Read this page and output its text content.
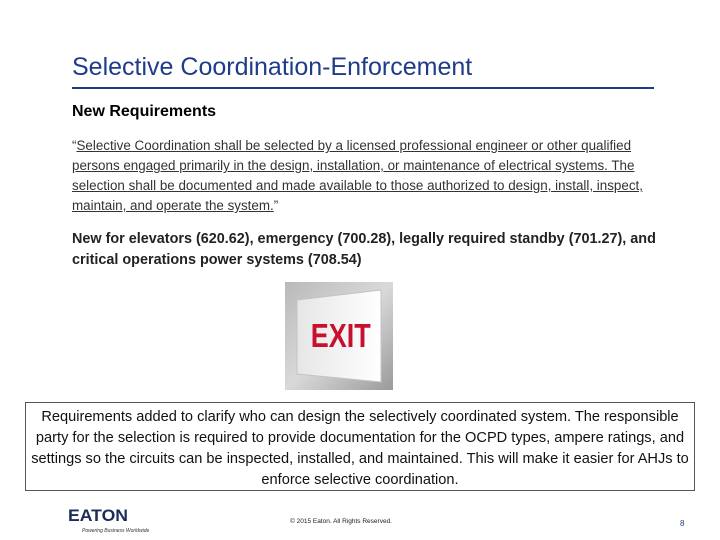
Selective Coordination-Enforcement
New Requirements
“Selective Coordination shall be selected by a licensed professional engineer or other qualified persons engaged primarily in the design, installation, or maintenance of electrical systems. The selection shall be documented and made available to those authorized to design, install, inspect, maintain, and operate the system.”
New for elevators (620.62), emergency (700.28), legally required standby (701.27), and critical operations power systems (708.54)
EXIT
Requirements added to clarify who can design the selectively coordinated system. The responsible party for the selection is required to provide documentation for the OCPD types, ampere ratings, and settings so the circuits can be inspected, installed, and maintained. This will make it easier for AHJs to enforce selective coordination.
EATON
Powering Business Worldwide
© 2015 Eaton. All Rights Reserved.	8
